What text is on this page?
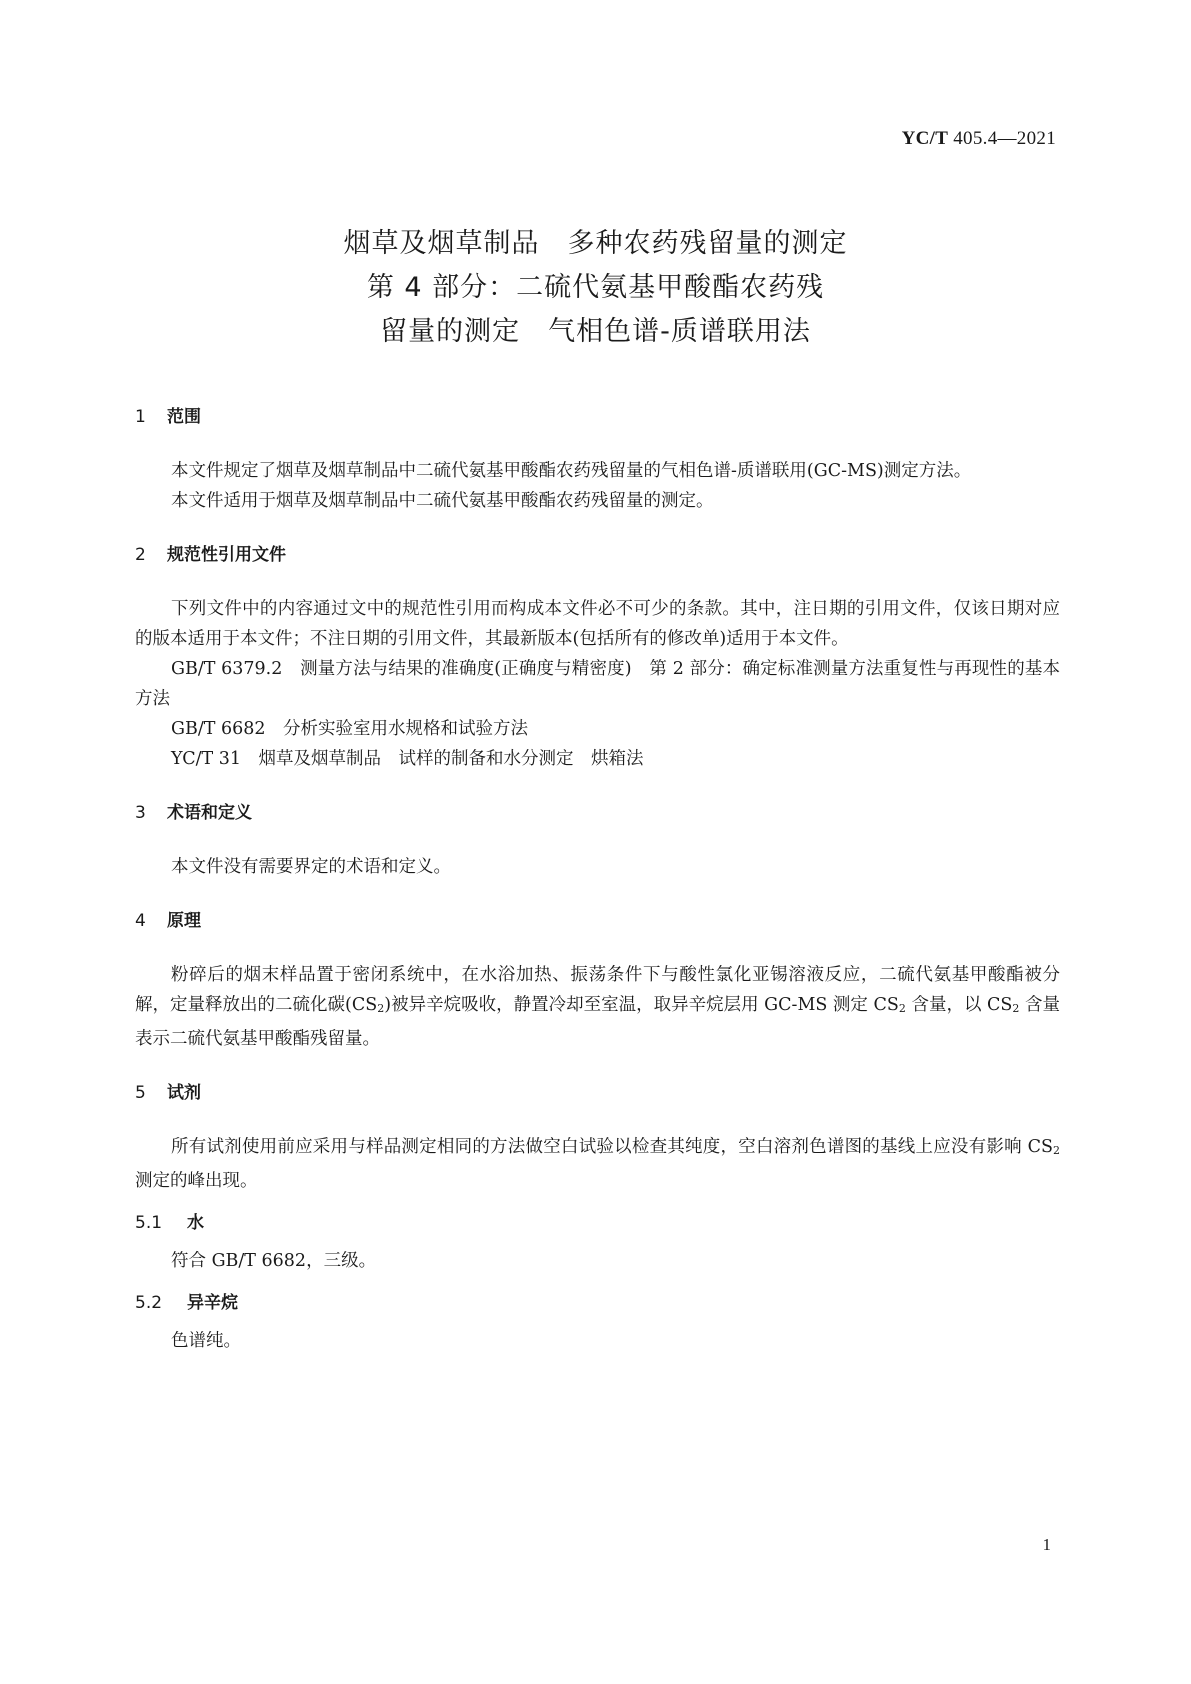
YC/T 405.4—2021
烟草及烟草制品　多种农药残留量的测定
第 4 部分：二硫代氨基甲酸酯农药残
留量的测定　气相色谱-质谱联用法
1 范围

本文件规定了烟草及烟草制品中二硫代氨基甲酸酯农药残留量的气相色谱-质谱联用(GC-MS)测定方法。

本文件适用于烟草及烟草制品中二硫代氨基甲酸酯农药残留量的测定。

2 规范性引用文件

下列文件中的内容通过文中的规范性引用而构成本文件必不可少的条款。其中，注日期的引用文件，仅该日期对应的版本适用于本文件；不注日期的引用文件，其最新版本(包括所有的修改单)适用于本文件。

GB/T 6379.2　测量方法与结果的准确度(正确度与精密度)　第 2 部分：确定标准测量方法重复性与再现性的基本方法

GB/T 6682　分析实验室用水规格和试验方法

YC/T 31　烟草及烟草制品　试样的制备和水分测定　烘箱法

3 术语和定义

本文件没有需要界定的术语和定义。

4 原理

粉碎后的烟末样品置于密闭系统中，在水浴加热、振荡条件下与酸性氯化亚锡溶液反应，二硫代氨基甲酸酯被分解，定量释放出的二硫化碳$(CS_2)$被异辛烷吸收，静置冷却至室温，取异辛烷层用 GC-MS 测定 $CS_2$ 含量，以 $CS_2$ 含量表示二硫代氨基甲酸酯残留量。

5 试剂

所有试剂使用前应采用与样品测定相同的方法做空白试验以检查其纯度，空白溶剂色谱图的基线上应没有影响 $CS_2$ 测定的峰出现。

5.1 水

符合 GB/T 6682，三级。

5.2 异辛烷

色谱纯。

1
